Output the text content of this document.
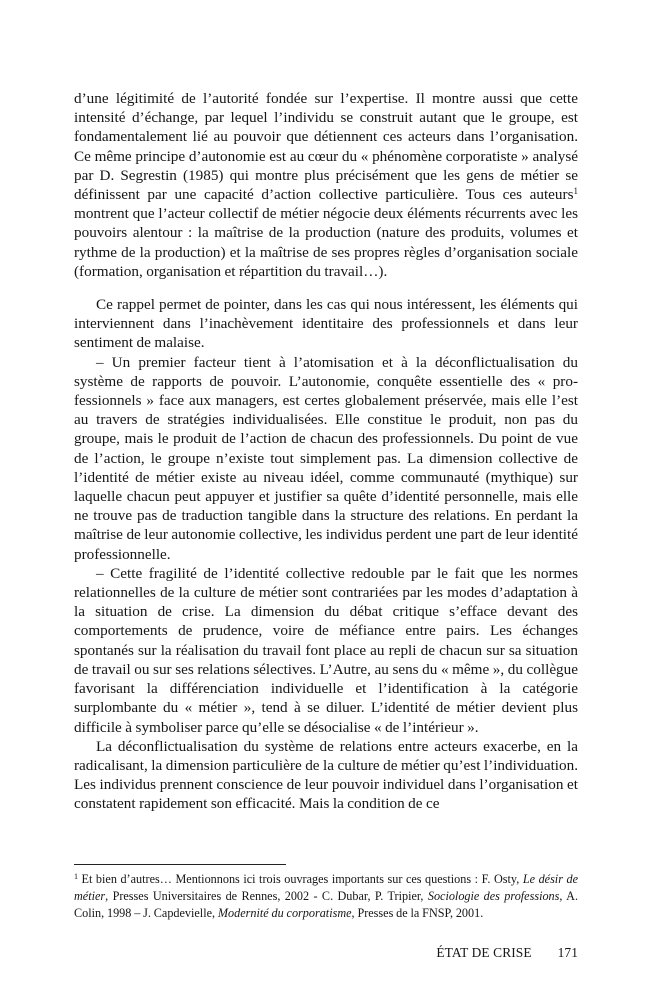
d’une légitimité de l’autorité fondée sur l’expertise. Il montre aussi que cette intensité d’échange, par lequel l’individu se construit autant que le groupe, est fondamentalement lié au pouvoir que détiennent ces acteurs dans l’organisation. Ce même principe d’autonomie est au cœur du « phénomène corporatiste » analysé par D. Segrestin (1985) qui montre plus précisément que les gens de métier se définissent par une capacité d’action collective particulière. Tous ces auteurs$^1$ montrent que l’acteur collectif de métier négocie deux éléments récurrents avec les pouvoirs alentour : la maîtrise de la production (nature des produits, volumes et rythme de la production) et la maîtrise de ses propres règles d’organisation sociale (formation, organisation et répartition du travail…).

Ce rappel permet de pointer, dans les cas qui nous intéressent, les éléments qui interviennent dans l’inachèvement identitaire des professionnels et dans leur sentiment de malaise.

– Un premier facteur tient à l’atomisation et à la déconflictualisation du système de rapports de pouvoir. L’autonomie, conquête essentielle des « professionnels » face aux managers, est certes globalement préservée, mais elle l’est au travers de stratégies individualisées. Elle constitue le produit, non pas du groupe, mais le produit de l’action de chacun des professionnels. Du point de vue de l’action, le groupe n’existe tout simplement pas. La dimension collective de l’identité de métier existe au niveau idéel, comme communauté (mythique) sur laquelle chacun peut appuyer et justifier sa quête d’identité personnelle, mais elle ne trouve pas de traduction tangible dans la structure des relations. En perdant la maîtrise de leur autonomie collective, les individus perdent une part de leur identité professionnelle.

– Cette fragilité de l’identité collective redouble par le fait que les normes relationnelles de la culture de métier sont contrariées par les modes d’adaptation à la situation de crise. La dimension du débat critique s’efface devant des comportements de prudence, voire de méfiance entre pairs. Les échanges spontanés sur la réalisation du travail font place au repli de chacun sur sa situation de travail ou sur ses relations sélectives. L’Autre, au sens du « même », du collègue favorisant la différenciation individuelle et l’identification à la catégorie surplombante du « métier », tend à se diluer. L’identité de métier devient plus difficile à symboliser parce qu’elle se désocialise « de l’intérieur ».

La déconflictualisation du système de relations entre acteurs exacerbe, en la radicalisant, la dimension particulière de la culture de métier qu’est l’individuation. Les individus prennent conscience de leur pouvoir individuel dans l’organisation et constatent rapidement son efficacité. Mais la condition de ce

$^1$ Et bien d’autres… Mentionnons ici trois ouvrages importants sur ces questions : F. Osty, Le désir de métier, Presses Universitaires de Rennes, 2002 - C. Dubar, P. Tripier, Sociologie des professions, A. Colin, 1998 – J. Capdevielle, Modernité du corporatisme, Presses de la FNSP, 2001.
ÉTAT DE CRISE 171
